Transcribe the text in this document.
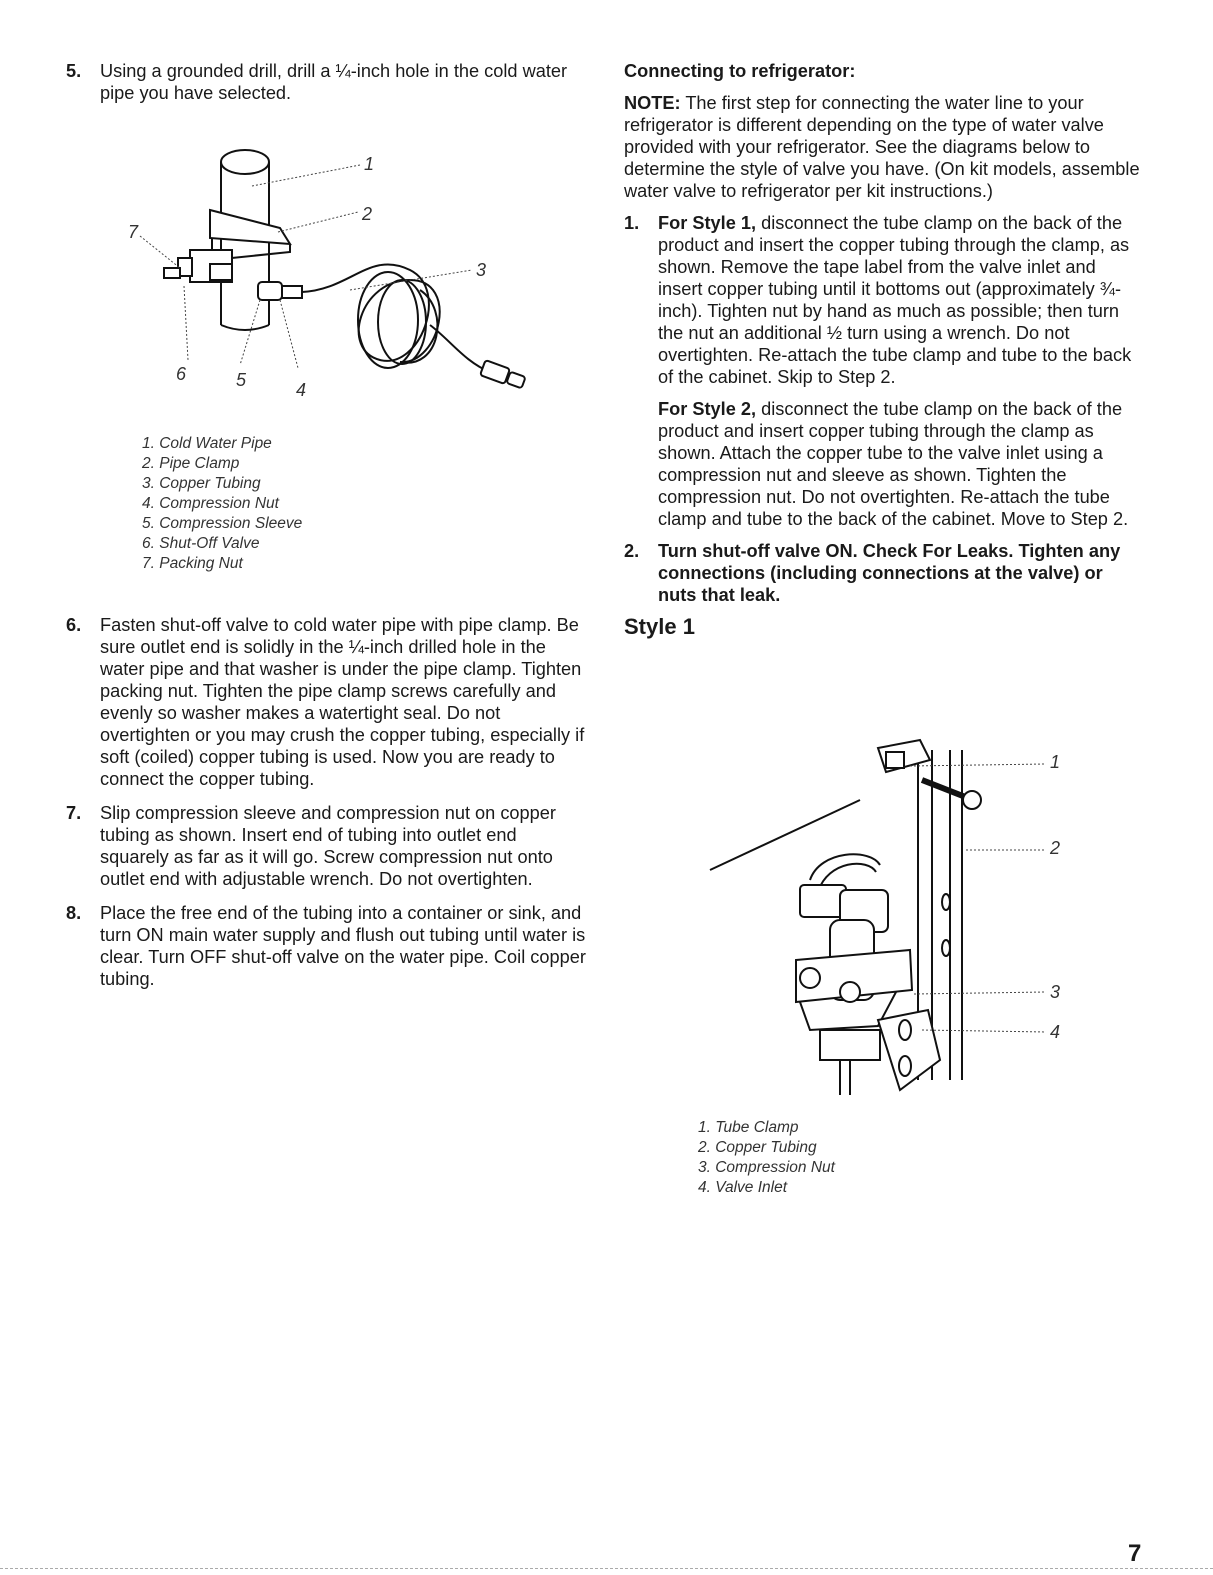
5.	Using a grounded drill, drill a ¼-inch hole in the cold water pipe you have selected.
1
2
3
4
5
6
7
1. Cold Water Pipe
2. Pipe Clamp
3. Copper Tubing
4. Compression Nut
5. Compression Sleeve
6. Shut-Off Valve
7. Packing Nut
6.	Fasten shut-off valve to cold water pipe with pipe clamp. Be sure outlet end is solidly in the ¼-inch drilled hole in the water pipe and that washer is under the pipe clamp. Tighten packing nut. Tighten the pipe clamp screws carefully and evenly so washer makes a watertight seal. Do not overtighten or you may crush the copper tubing, especially if soft (coiled) copper tubing is used. Now you are ready to connect the copper tubing.
7.	Slip compression sleeve and compression nut on copper tubing as shown. Insert end of tubing into outlet end squarely as far as it will go. Screw compression nut onto outlet end with adjustable wrench. Do not overtighten.
8.	Place the free end of the tubing into a container or sink, and turn ON main water supply and flush out tubing until water is clear. Turn OFF shut-off valve on the water pipe. Coil copper tubing.
Connecting to refrigerator:

NOTE: The first step for connecting the water line to your refrigerator is different depending on the type of water valve provided with your refrigerator. See the diagrams below to determine the style of valve you have. (On kit models, assemble water valve to refrigerator per kit instructions.)

1.	For Style 1, disconnect the tube clamp on the back of the product and insert the copper tubing through the clamp, as shown. Remove the tape label from the valve inlet and insert copper tubing until it bottoms out (approximately ¾-inch). Tighten nut by hand as much as possible; then turn the nut an additional ½ turn using a wrench. Do not overtighten. Re-attach the tube clamp and tube to the back of the cabinet. Skip to Step 2.

For Style 2, disconnect the tube clamp on the back of the product and insert copper tubing through the clamp as shown. Attach the copper tube to the valve inlet using a compression nut and sleeve as shown. Tighten the compression nut. Do not overtighten. Re-attach the tube clamp and tube to the back of the cabinet. Move to Step 2.

2.	Turn shut-off valve ON. Check For Leaks. Tighten any connections (including connections at the valve) or nuts that leak.
Style 1
1
2
3
4
1. Tube Clamp
2. Copper Tubing
3. Compression Nut
4. Valve Inlet
7
